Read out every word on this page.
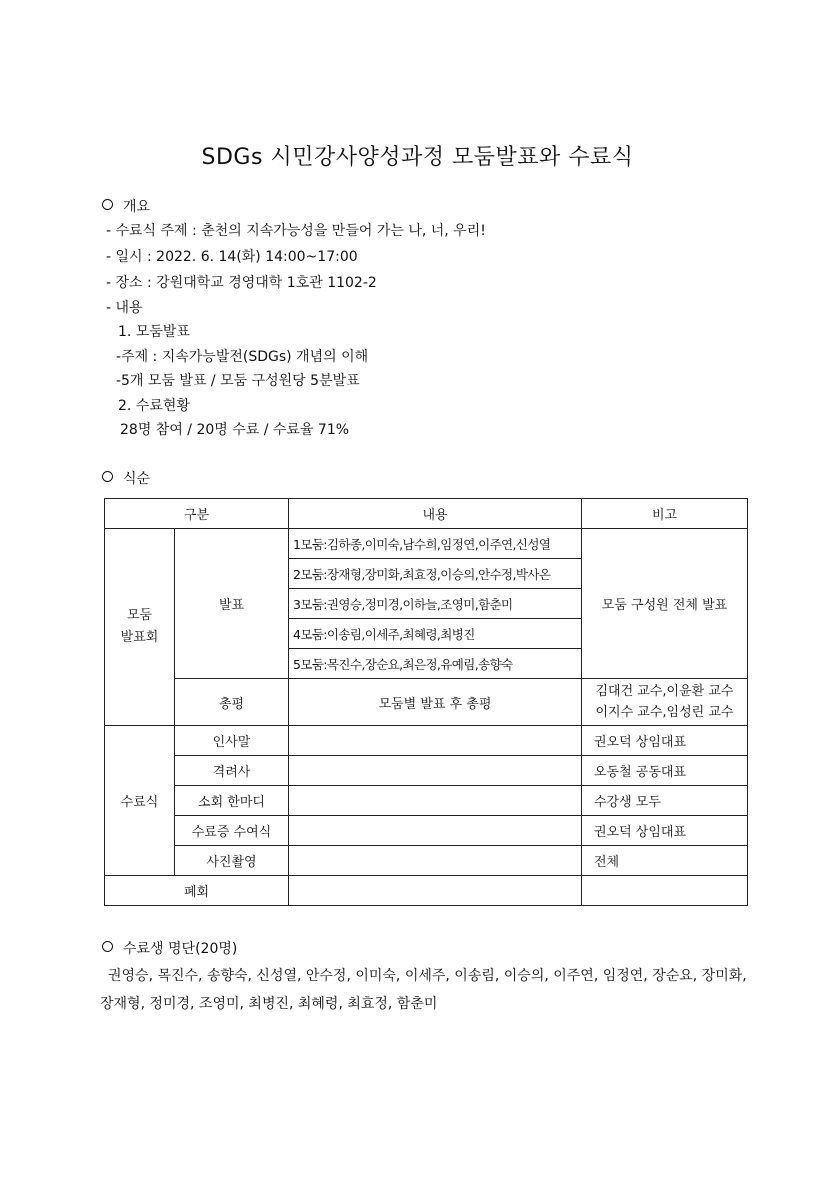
SDGs 시민강사양성과정 모둠발표와 수료식
개요
- 수료식 주제 : 춘천의 지속가능성을 만들어 가는 나, 너, 우리!
- 일시 : 2022. 6. 14(화) 14:00~17:00
- 장소 : 강원대학교 경영대학 1호관 1102-2
- 내용
1. 모둠발표
-주제 : 지속가능발전(SDGs) 개념의 이해
-5개 모둠 발표 / 모둠 구성원당 5분발표
2. 수료현황
28명 참여 / 20명 수료 / 수료율 71%
식순
구분		내용	비고
모둠
발표회	발표	1모둠:김하종,이미숙,남수희,임정연,이주연,신성열	모둠 구성원 전체 발표
		2모둠:장재형,장미화,최효정,이승의,안수정,박사온	
		3모둠:권영승,정미경,이하늘,조영미,함춘미	
		4모둠:이송림,이세주,최혜령,최병진	
		5모둠:목진수,장순요,최은정,유예림,송향숙	
	총평	모둠별 발표 후 총평	김대건 교수,이윤환 교수
이지수 교수,임성린 교수

수료식	인사말		권오덕 상임대표
	격려사		오동철 공동대표
	소회 한마디		수강생 모두
	수료증 수여식		권오덕 상임대표
	사진촬영		전체
폐회			
수료생 명단(20명)
권영승, 목진수, 송향숙, 신성열, 안수정, 이미숙, 이세주, 이송림, 이승의, 이주연, 임정연, 장순요, 장미화, 장재형, 정미경, 조영미, 최병진, 최혜령, 최효정, 함춘미
